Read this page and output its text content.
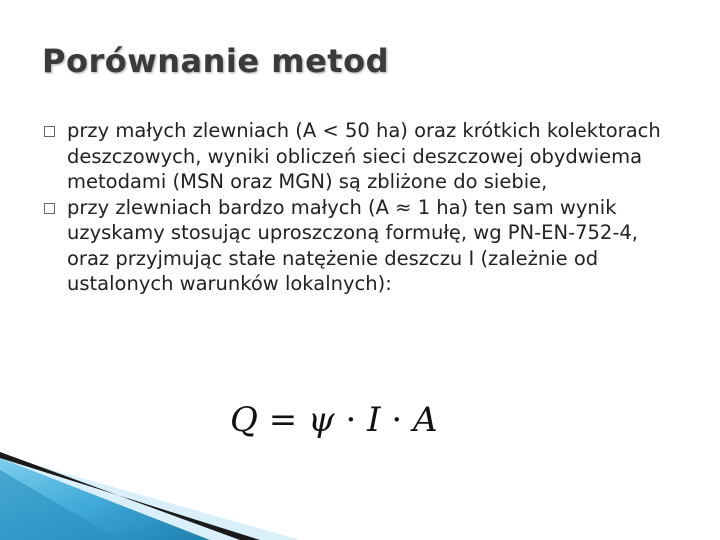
Porównanie metod
przy małych zlewniach (A < 50 ha) oraz krótkich kolektorach deszczowych, wyniki obliczeń sieci deszczowej obydwiema metodami (MSN oraz MGN) są zbliżone do siebie,
przy zlewniach bardzo małych (A ≈ 1 ha) ten sam wynik uzyskamy stosując uproszczoną formułę, wg PN-EN-752-4, oraz przyjmując stałe natężenie deszczu I (zależnie od ustalonych warunków lokalnych):
Q = ψ · I · A
